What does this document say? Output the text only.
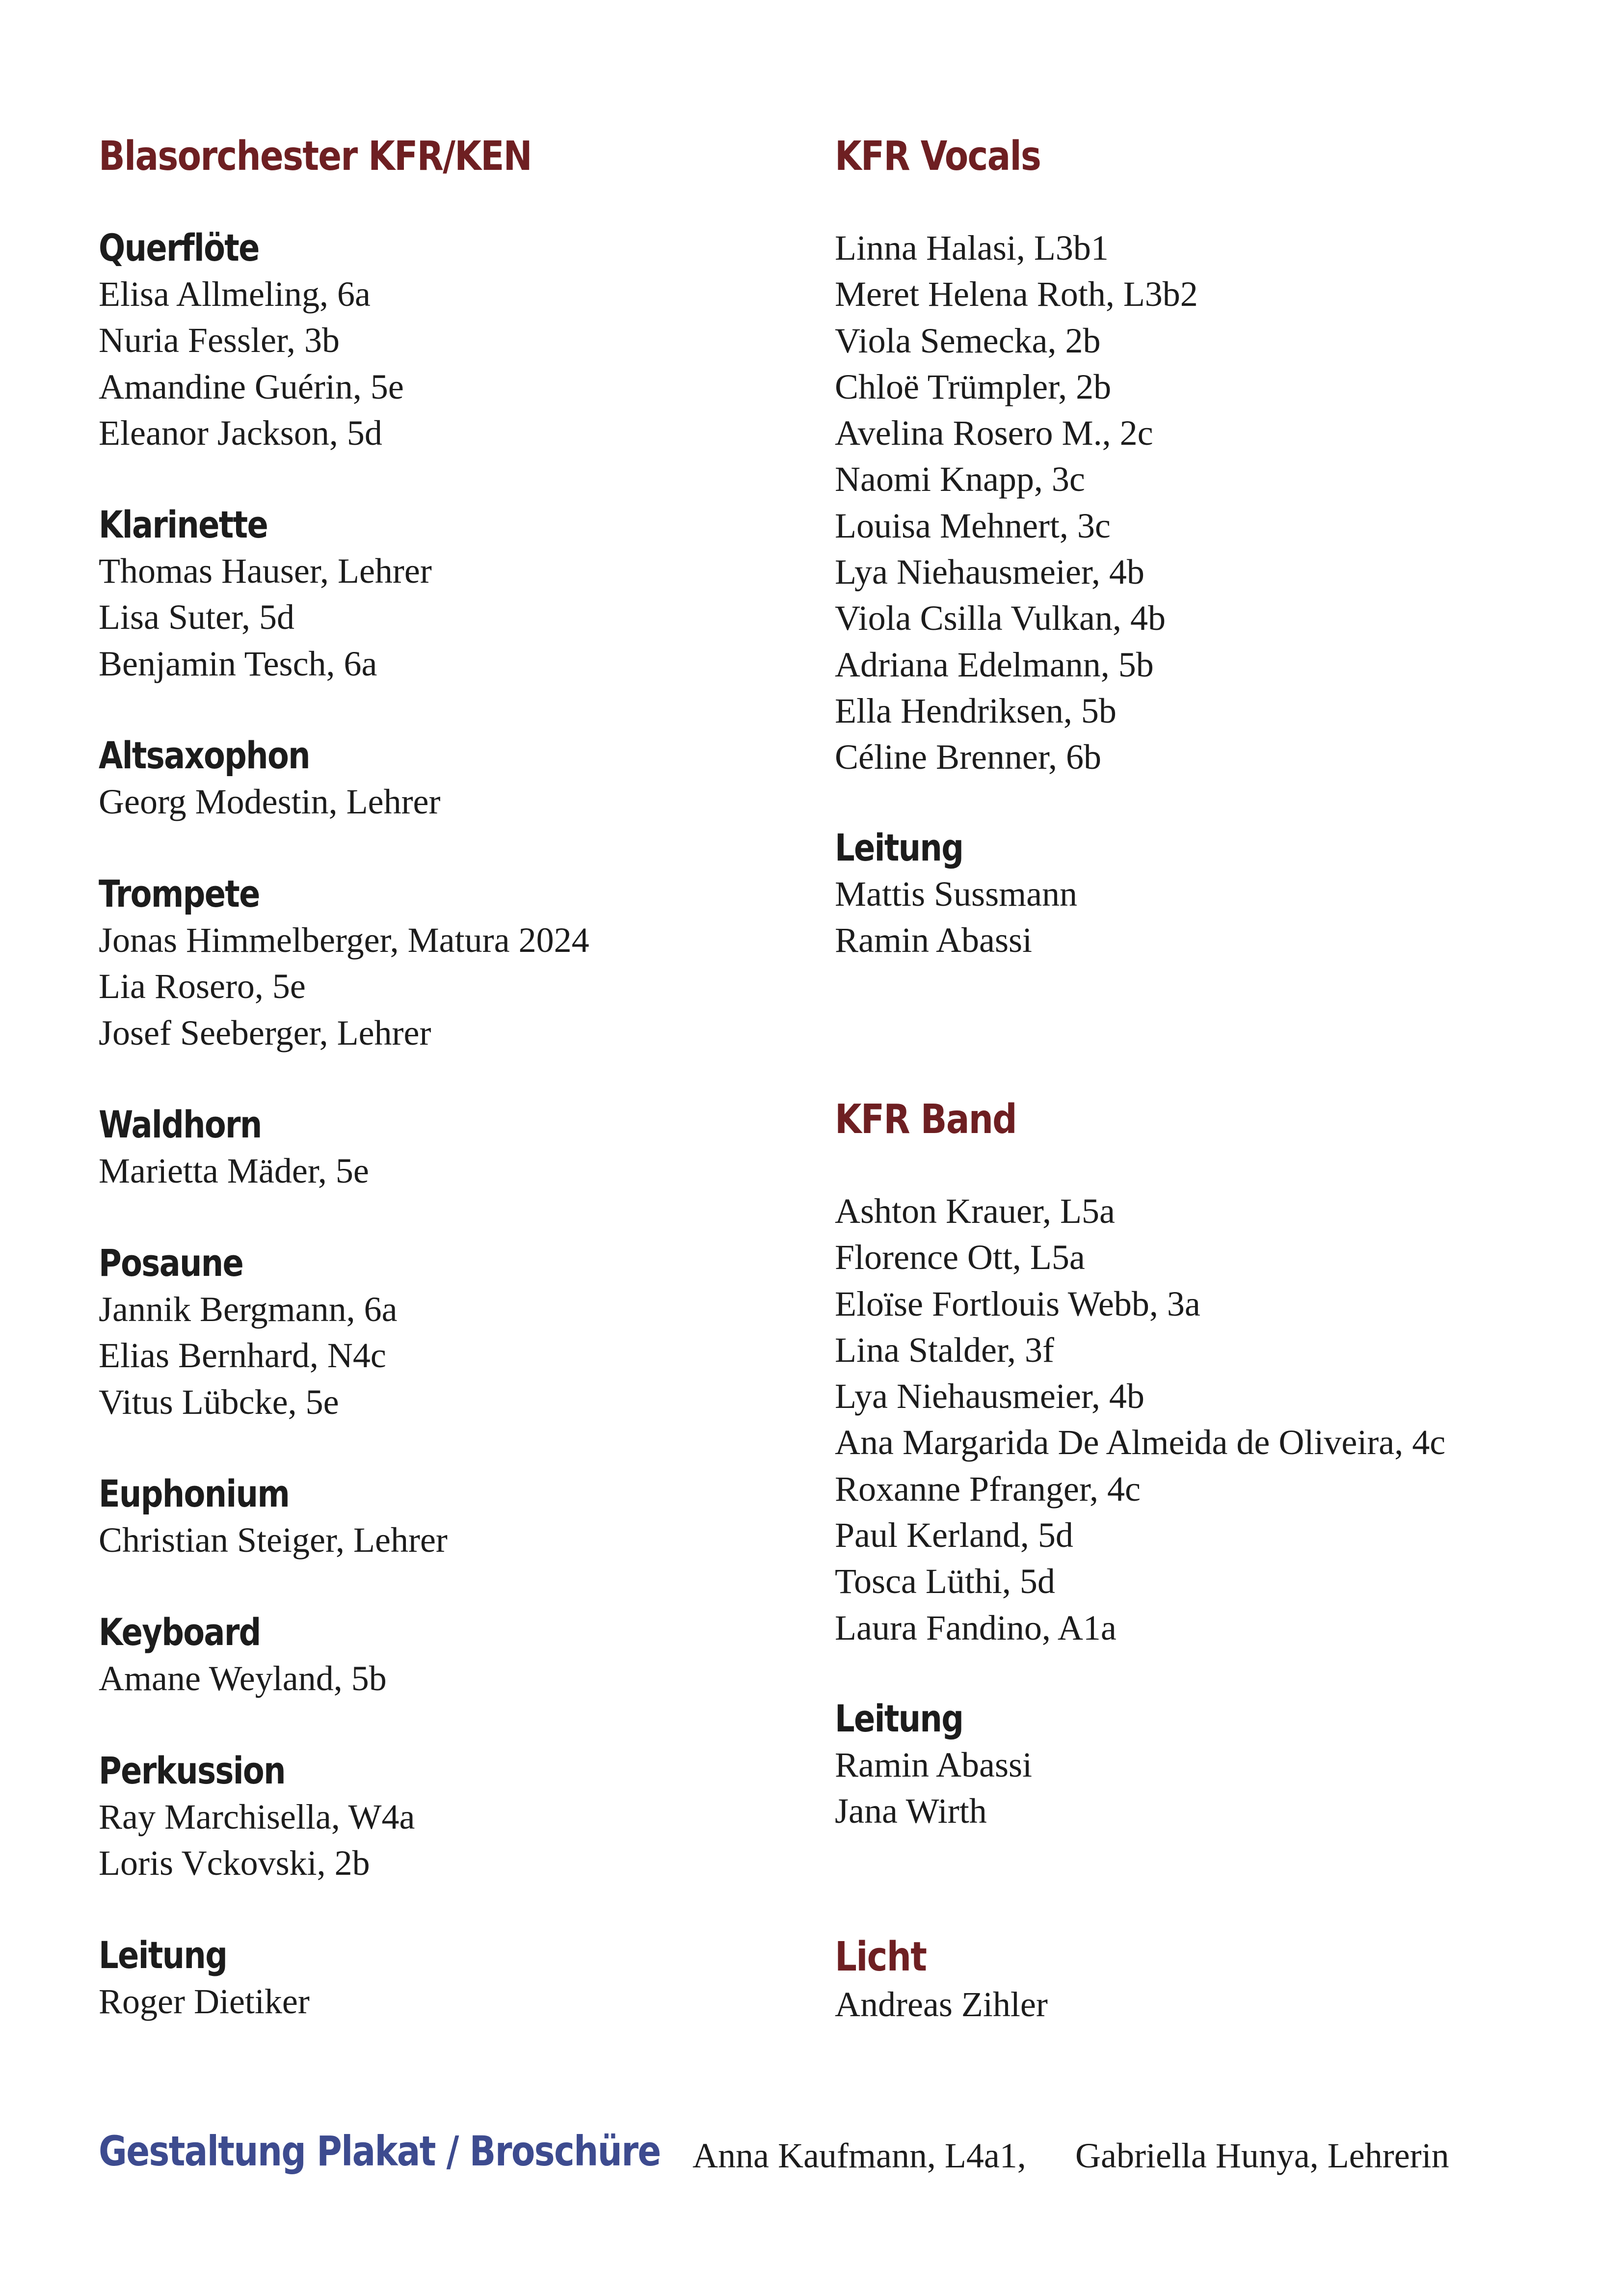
Blasorchester KFR/KEN
Querflöte
Elisa Allmeling, 6a
Nuria Fessler, 3b
Amandine Guérin, 5e
Eleanor Jackson, 5d
Klarinette
Thomas Hauser, Lehrer
Lisa Suter, 5d
Benjamin Tesch, 6a
Altsaxophon
Georg Modestin, Lehrer
Trompete
Jonas Himmelberger, Matura 2024
Lia Rosero, 5e
Josef Seeberger, Lehrer
Waldhorn
Marietta Mäder, 5e
Posaune
Jannik Bergmann, 6a
Elias Bernhard, N4c
Vitus Lübcke, 5e
Euphonium
Christian Steiger, Lehrer
Keyboard
Amane Weyland, 5b
Perkussion
Ray Marchisella, W4a
Loris Vckovski, 2b
Leitung
Roger Dietiker
KFR Vocals
Linna Halasi, L3b1
Meret Helena Roth, L3b2
Viola Semecka, 2b
Chloë Trümpler, 2b
Avelina Rosero M., 2c
Naomi Knapp, 3c
Louisa Mehnert, 3c
Lya Niehausmeier, 4b
Viola Csilla Vulkan, 4b
Adriana Edelmann, 5b
Ella Hendriksen, 5b
Céline Brenner, 6b
Leitung
Mattis Sussmann
Ramin Abassi
KFR Band
Ashton Krauer, L5a
Florence Ott, L5a
Eloïse Fortlouis Webb, 3a
Lina Stalder, 3f
Lya Niehausmeier, 4b
Ana Margarida De Almeida de Oliveira, 4c
Roxanne Pfranger, 4c
Paul Kerland, 5d
Tosca Lüthi, 5d
Laura Fandino, A1a
Leitung
Ramin Abassi
Jana Wirth
Licht
Andreas Zihler
Gestaltung Plakat / Broschüre Anna Kaufmann, L4a1, Gabriella Hunya, Lehrerin
